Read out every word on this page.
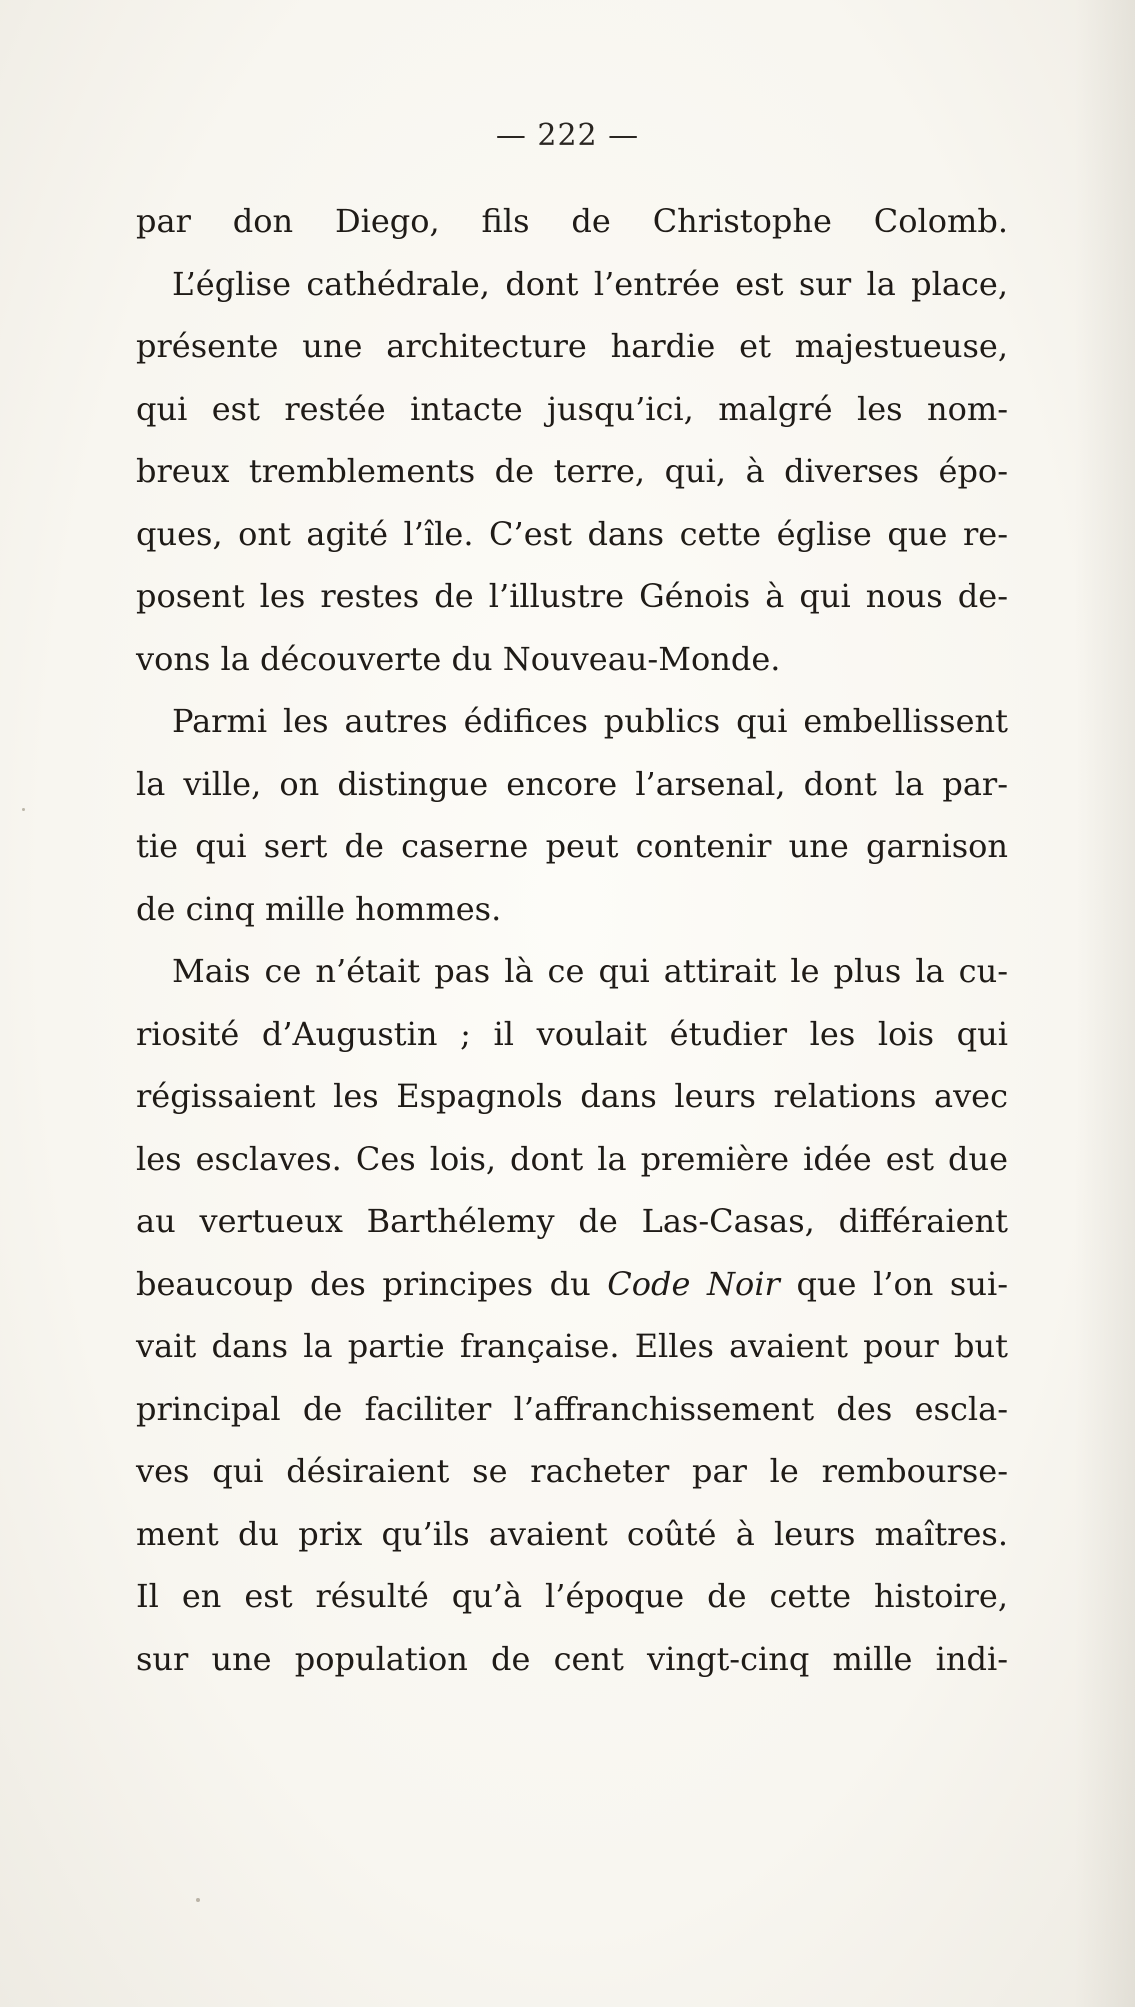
— 222 —
par don Diego, fils de Christophe Colomb.
L’église cathédrale, dont l’entrée est sur la place,
présente une architecture hardie et majestueuse,
qui est restée intacte jusqu’ici, malgré les nom-
breux tremblements de terre, qui, à diverses épo-
ques, ont agité l’île. C’est dans cette église que re-
posent les restes de l’illustre Génois à qui nous de-
vons la découverte du Nouveau-Monde.
Parmi les autres édifices publics qui embellissent
la ville, on distingue encore l’arsenal, dont la par-
tie qui sert de caserne peut contenir une garnison
de cinq mille hommes.
Mais ce n’était pas là ce qui attirait le plus la cu-
riosité d’Augustin ; il voulait étudier les lois qui
régissaient les Espagnols dans leurs relations avec
les esclaves. Ces lois, dont la première idée est due
au vertueux Barthélemy de Las-Casas, différaient
beaucoup des principes du Code Noir que l’on sui-
vait dans la partie française. Elles avaient pour but
principal de faciliter l’affranchissement des escla-
ves qui désiraient se racheter par le rembourse-
ment du prix qu’ils avaient coûté à leurs maîtres.
Il en est résulté qu’à l’époque de cette histoire,
sur une population de cent vingt-cinq mille indi-
